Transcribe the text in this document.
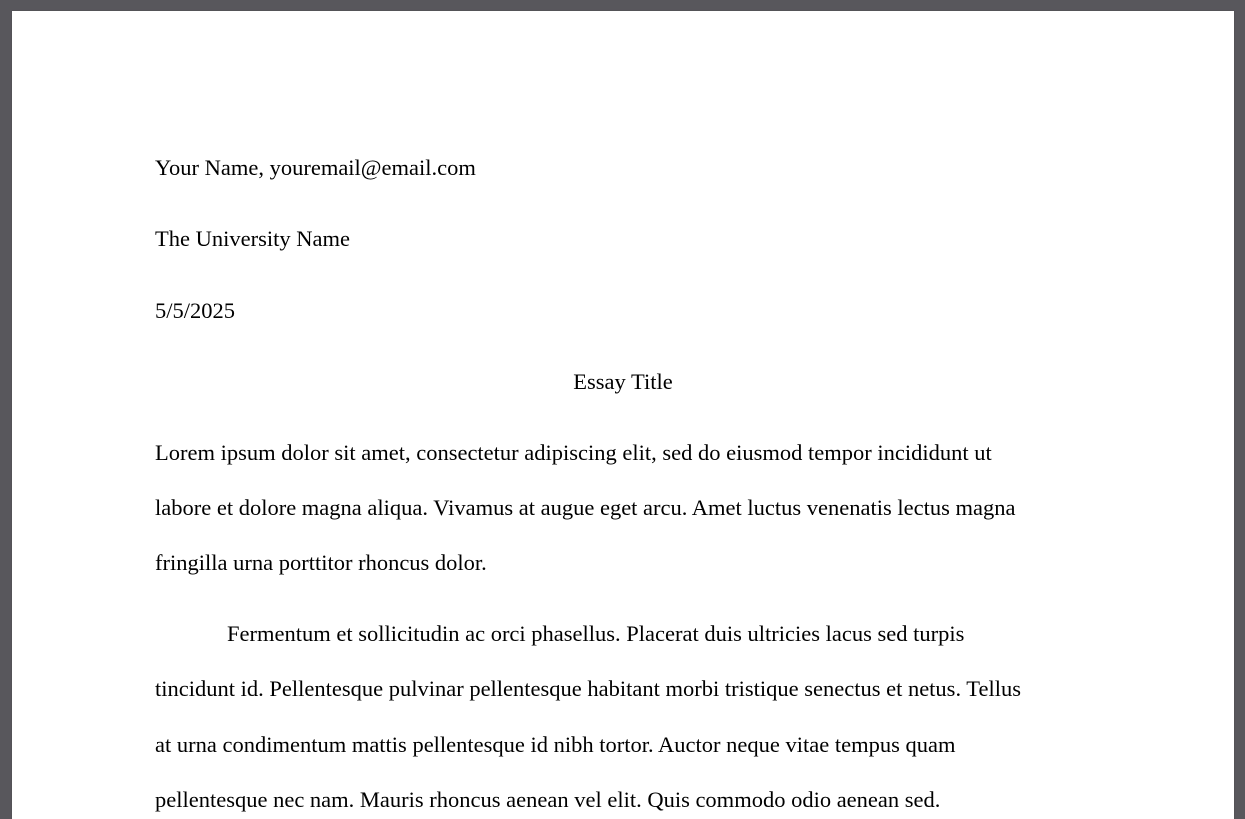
Your Name, youremail@email.com
The University Name
5/5/2025
Essay Title
Lorem ipsum dolor sit amet, consectetur adipiscing elit, sed do eiusmod tempor incididunt ut
labore et dolore magna aliqua. Vivamus at augue eget arcu. Amet luctus venenatis lectus magna
fringilla urna porttitor rhoncus dolor.
Fermentum et sollicitudin ac orci phasellus. Placerat duis ultricies lacus sed turpis
tincidunt id. Pellentesque pulvinar pellentesque habitant morbi tristique senectus et netus. Tellus
at urna condimentum mattis pellentesque id nibh tortor. Auctor neque vitae tempus quam
pellentesque nec nam. Mauris rhoncus aenean vel elit. Quis commodo odio aenean sed.
